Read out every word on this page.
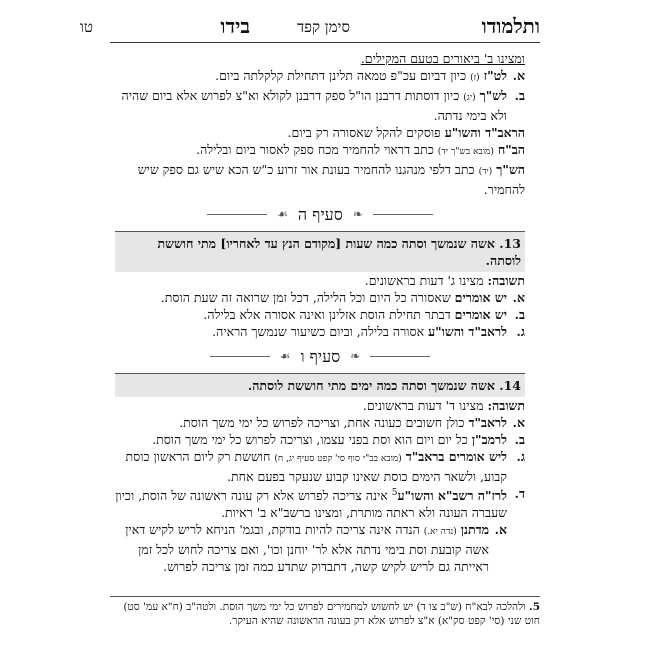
ותלמודו
סימן קפד
בידו
טו

ומצינו ב' ביאורים בטעם המקילים.

א.
לט"ז (ז) כיון דביום עכ"פ טמאה תלינן דתחילת קלקלתה ביום.
ב.
לש"ך (יג) כיון דוסתות דרבנן הו"ל ספק דרבנן לקולא וא"צ לפרוש אלא ביום שהיה ולא בימי נדתה.

הראב"ד והשו"ע פוסקים להקל שאסורה רק ביום.

הב"ח (מובא בש"ך יד) כתב דראוי להחמיר מכח ספק לאסור ביום ובלילה.

הש"ך (יד) כתב דלפי מנהגנו להחמיר בעונת אור זרוע כ"ש הכא שיש גם ספק שיש להחמיר.

❧
סעיף ה
☙
13. אשה שנמשך וסתה כמה שעות [מקודם הנץ עד לאחריו] מתי חוששת לוסתה.

תשובה: מצינו ג' דעות בראשונים.

א.
יש אומרים שאסורה כל היום וכל הלילה, דכל זמן שרואה זה שעת הוסת.
ב.
יש אומרים דבתר תחילת הוסת אזלינן ואינה אסורה אלא בלילה.
ג.
לראב"ד והשו"ע אסורה בלילה, וביום כשיעור שנמשך הראיה.
❧
סעיף ו
☙
14. אשה שנמשך וסתה כמה ימים מתי חוששת לוסתה.

תשובה: מצינו ד' דעות בראשונים.

א.
לראב"ד כולן חשובים כעונה אחת, וצריכה לפרוש כל ימי משך הוסת.
ב.
לרמב"ן כל יום ויום הוא וסת בפני עצמו, וצריכה לפרוש כל ימי משך הוסת.
ג.
ליש אומרים בראב"ד (מובא בב"י סוף סי' קפט סעיף יג, ח) חוששת רק ליום הראשון כוסת קבוע, ולשאר הימים כוסת שאינו קבוע שנעקר בפעם אחת.
ד.
לרז"ה רשב"א והשו"ע$^5$ אינה צריכה לפרוש אלא רק עונה ראשונה של הוסת, וכיון שעברה העונה ולא ראתה מותרת, ומצינו ברשב"א ב' ראיות.
א.
מדתנן (נדה יא.) הנדה אינה צריכה להיות בודקת, ובגמ' הניחא לריש לקיש דאין אשה קובעת וסת בימי נדתה אלא לר' יוחנן וכו', ואם צריכה לחוש לכל זמן ראייתה גם לריש לקיש קשה, דתבדוק שתדע כמה זמן צריכה לפרוש.
5. ולהלכה לבא"ח (ש"ב צו ד) יש לחשוש למחמירים לפרוש כל ימי משך הוסת. ולטה"ב (ח"א עמ' סט) חוט שני (סי' קפט סק"א) א"צ לפרוש אלא רק בעונה הראשונה שהיא העיקר.
